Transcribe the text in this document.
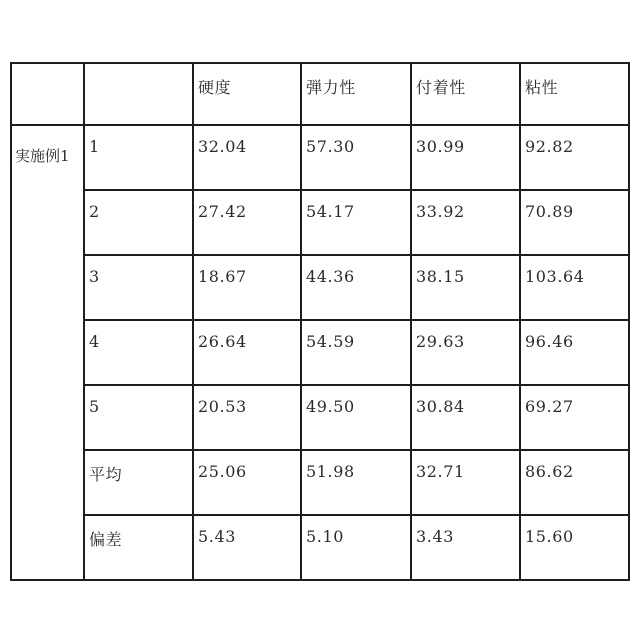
		硬度	弾力性	付着性	粘性
実施例1	1	32.04	57.30	30.99	92.82
	2	27.42	54.17	33.92	70.89
	3	18.67	44.36	38.15	103.64
	4	26.64	54.59	29.63	96.46
	5	20.53	49.50	30.84	69.27
	平均	25.06	51.98	32.71	86.62
	偏差	5.43	5.10	3.43	15.60
